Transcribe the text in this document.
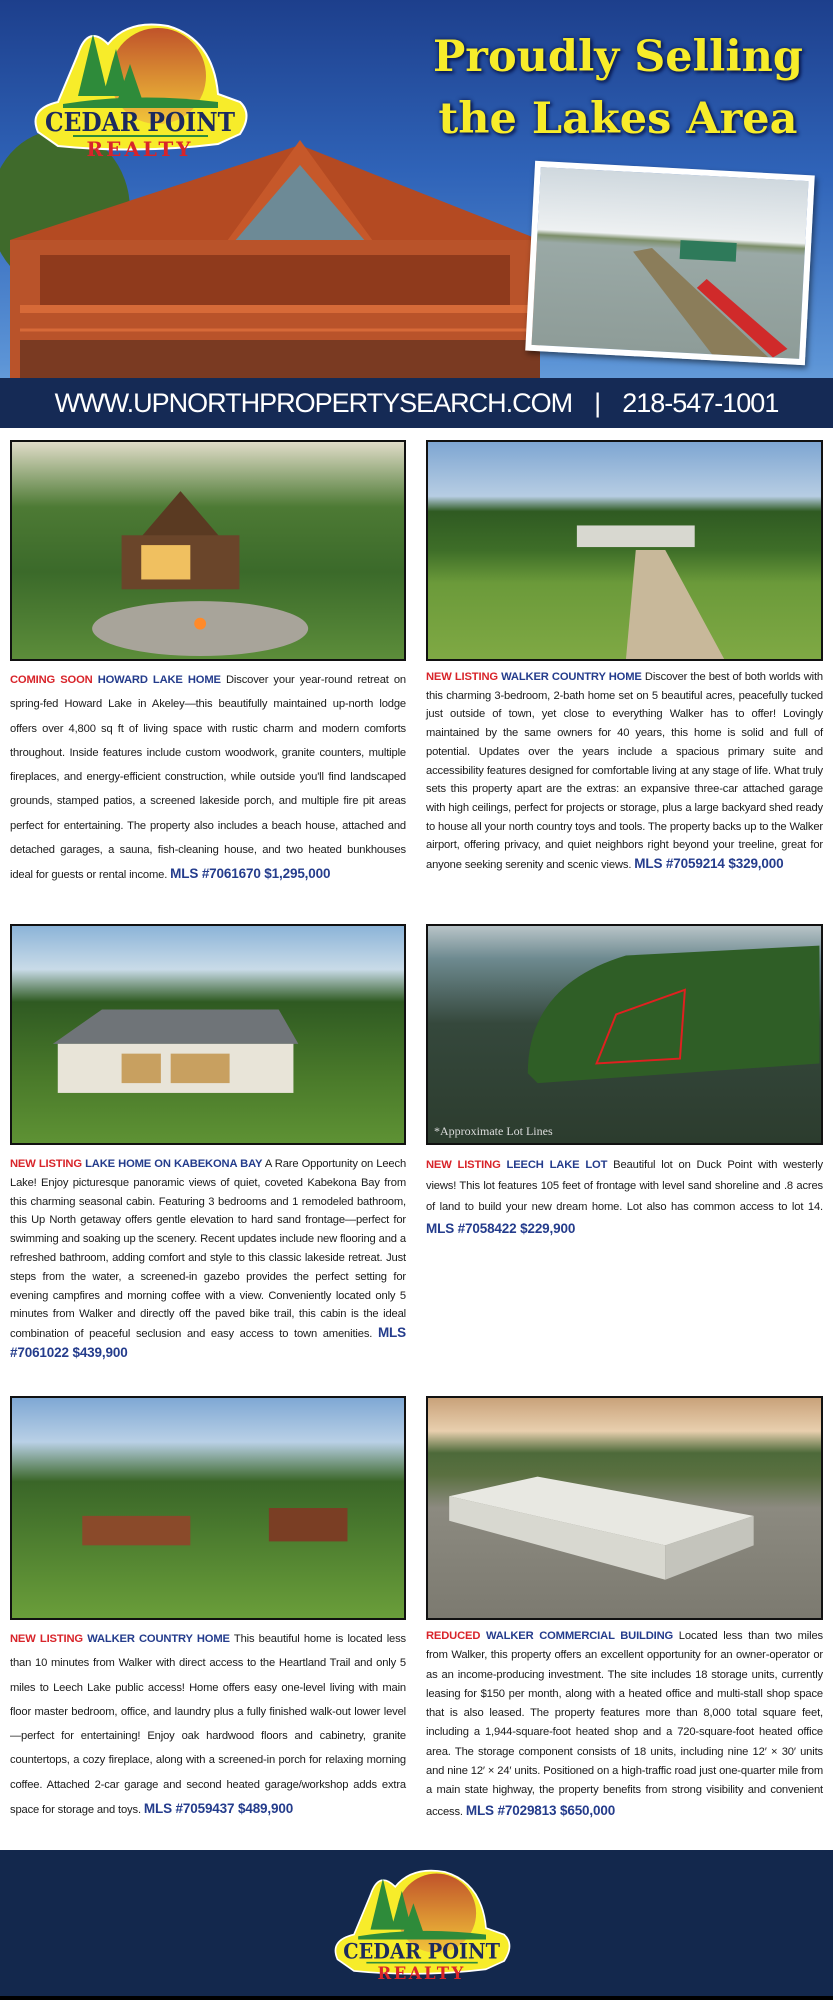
Proudly Selling
the Lakes Area
WWW.UPNORTHPROPERTYSEARCH.COM | 218-547-1001
COMING SOON HOWARD LAKE HOME Discover your year-round retreat on spring-fed Howard Lake in Akeley—this beautifully maintained up-north lodge offers over 4,800 sq ft of living space with rustic charm and modern comforts throughout. Inside features include custom woodwork, granite counters, multiple fireplaces, and energy-efficient construction, while outside you'll find landscaped grounds, stamped patios, a screened lakeside porch, and multiple fire pit areas perfect for entertaining. The property also includes a beach house, attached and detached garages, a sauna, fish-cleaning house, and two heated bunkhouses ideal for guests or rental income. MLS #7061670 $1,295,000
NEW LISTING WALKER COUNTRY HOME Discover the best of both worlds with this charming 3-bedroom, 2-bath home set on 5 beautiful acres, peacefully tucked just outside of town, yet close to everything Walker has to offer! Lovingly maintained by the same owners for 40 years, this home is solid and full of potential. Updates over the years include a spacious primary suite and accessibility features designed for comfortable living at any stage of life. What truly sets this property apart are the extras: an expansive three-car attached garage with high ceilings, perfect for projects or storage, plus a large backyard shed ready to house all your north country toys and tools. The property backs up to the Walker airport, offering privacy, and quiet neighbors right beyond your treeline, great for anyone seeking serenity and scenic views. MLS #7059214 $329,000
*Approximate Lot Lines
NEW LISTING LAKE HOME ON KABEKONA BAY A Rare Opportunity on Leech Lake! Enjoy picturesque panoramic views of quiet, coveted Kabekona Bay from this charming seasonal cabin. Featuring 3 bedrooms and 1 remodeled bathroom, this Up North getaway offers gentle elevation to hard sand frontage—perfect for swimming and soaking up the scenery. Recent updates include new flooring and a refreshed bathroom, adding comfort and style to this classic lakeside retreat. Just steps from the water, a screened-in gazebo provides the perfect setting for evening campfires and morning coffee with a view. Conveniently located only 5 minutes from Walker and directly off the paved bike trail, this cabin is the ideal combination of peaceful seclusion and easy access to town amenities. MLS #7061022 $439,900
NEW LISTING LEECH LAKE LOT Beautiful lot on Duck Point with westerly views! This lot features 105 feet of frontage with level sand shoreline and .8 acres of land to build your new dream home. Lot also has common access to lot 14. MLS #7058422 $229,900
NEW LISTING WALKER COUNTRY HOME This beautiful home is located less than 10 minutes from Walker with direct access to the Heartland Trail and only 5 miles to Leech Lake public access! Home offers easy one-level living with main floor master bedroom, office, and laundry plus a fully finished walk-out lower level—perfect for entertaining! Enjoy oak hardwood floors and cabinetry, granite countertops, a cozy fireplace, along with a screened-in porch for relaxing morning coffee. Attached 2-car garage and second heated garage/workshop adds extra space for storage and toys. MLS #7059437 $489,900
REDUCED WALKER COMMERCIAL BUILDING Located less than two miles from Walker, this property offers an excellent opportunity for an owner-operator or as an income-producing investment. The site includes 18 storage units, currently leasing for $150 per month, along with a heated office and multi-stall shop space that is also leased. The property features more than 8,000 total square feet, including a 1,944-square-foot heated shop and a 720-square-foot heated office area. The storage component consists of 18 units, including nine 12′ × 30′ units and nine 12′ × 24′ units. Positioned on a high-traffic road just one-quarter mile from a main state highway, the property benefits from strong visibility and convenient access. MLS #7029813 $650,000
